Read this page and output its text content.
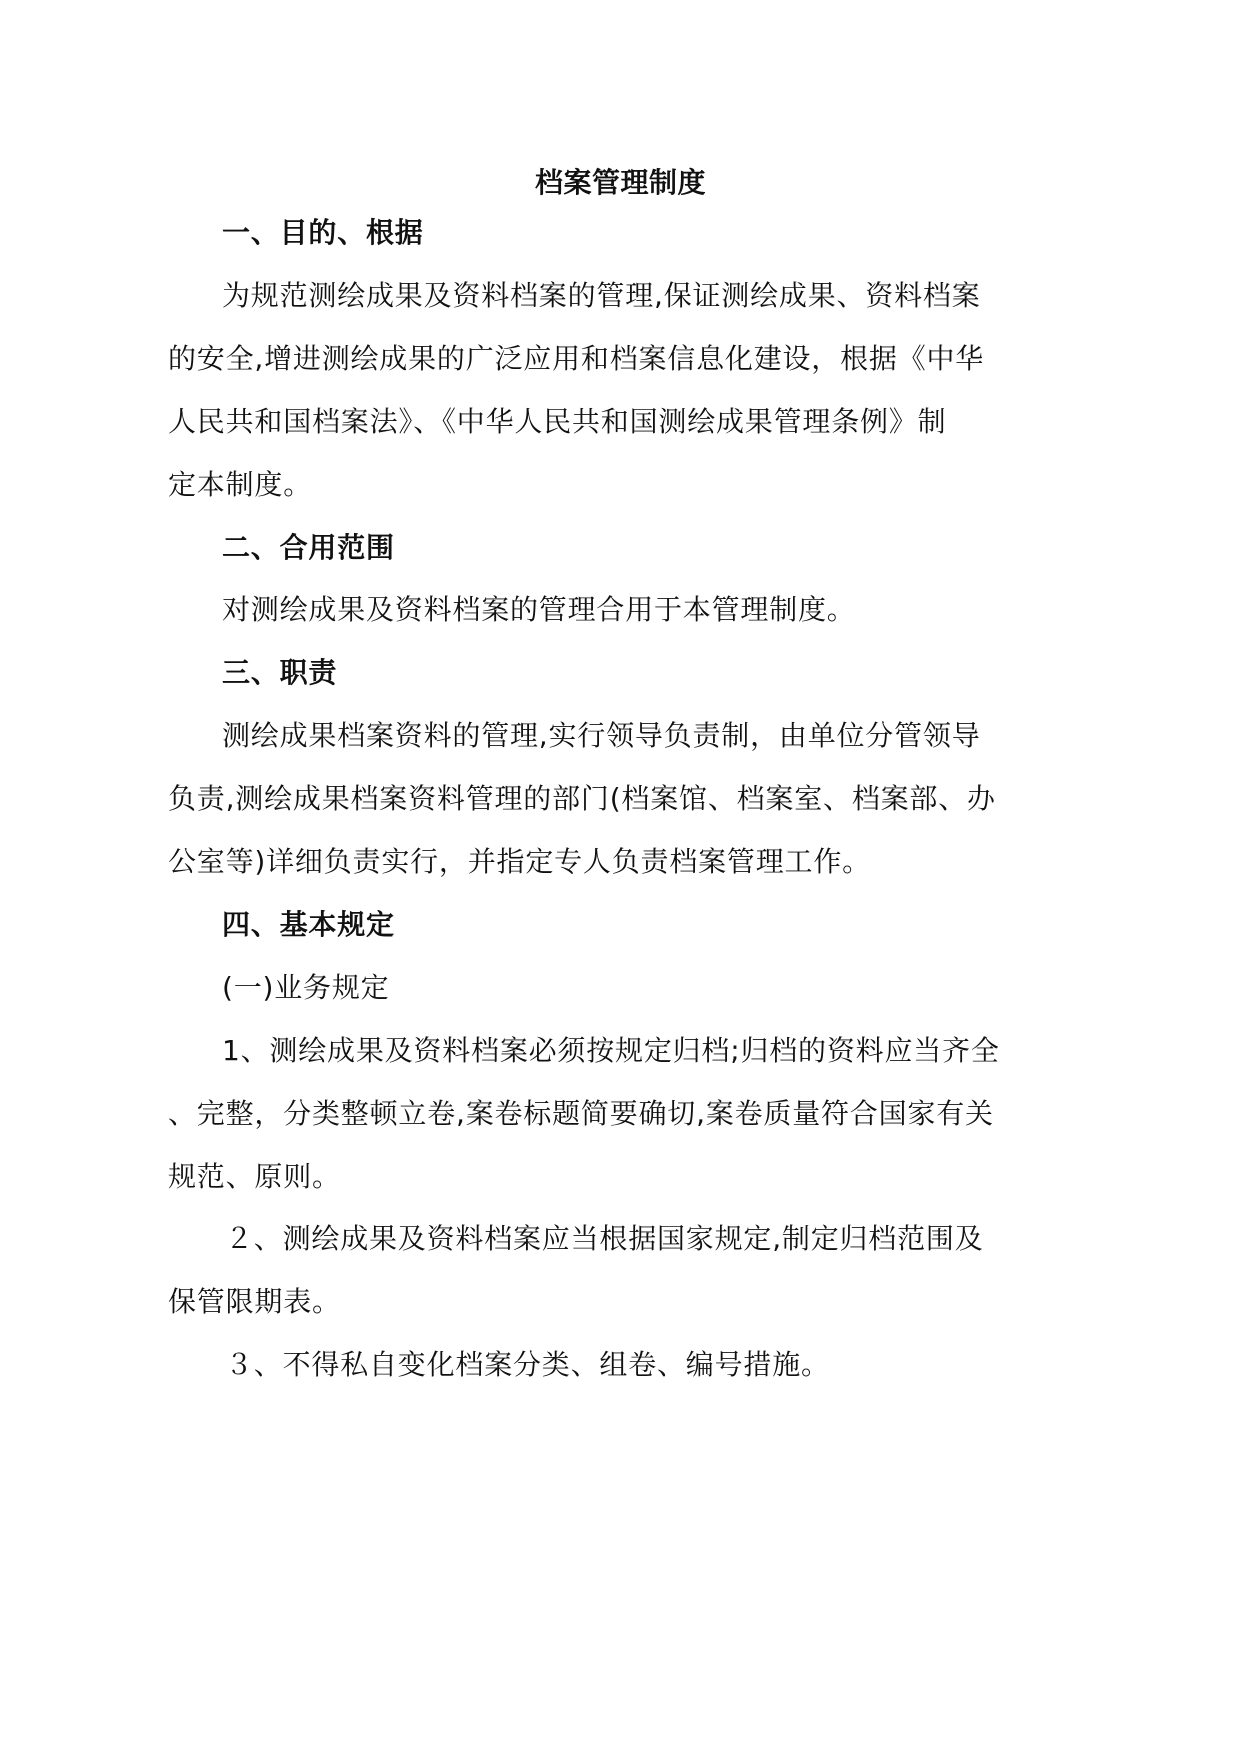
档案管理制度
一、目的、根据
为规范测绘成果及资料档案的管理,保证测绘成果、资料档案
的安全,增进测绘成果的广泛应用和档案信息化建设，根据《中华
人民共和国档案法》、《中华人民共和国测绘成果管理条例》制
定本制度。
二、合用范围
对测绘成果及资料档案的管理合用于本管理制度。
三、职责
测绘成果档案资料的管理,实行领导负责制，由单位分管领导
负责,测绘成果档案资料管理的部门(档案馆、档案室、档案部、办
公室等)详细负责实行，并指定专人负责档案管理工作。
四、基本规定
(一)业务规定
1、测绘成果及资料档案必须按规定归档;归档的资料应当齐全
、完整，分类整顿立卷,案卷标题简要确切,案卷质量符合国家有关
规范、原则。
２、测绘成果及资料档案应当根据国家规定,制定归档范围及
保管限期表。
３、不得私自变化档案分类、组卷、编号措施。
